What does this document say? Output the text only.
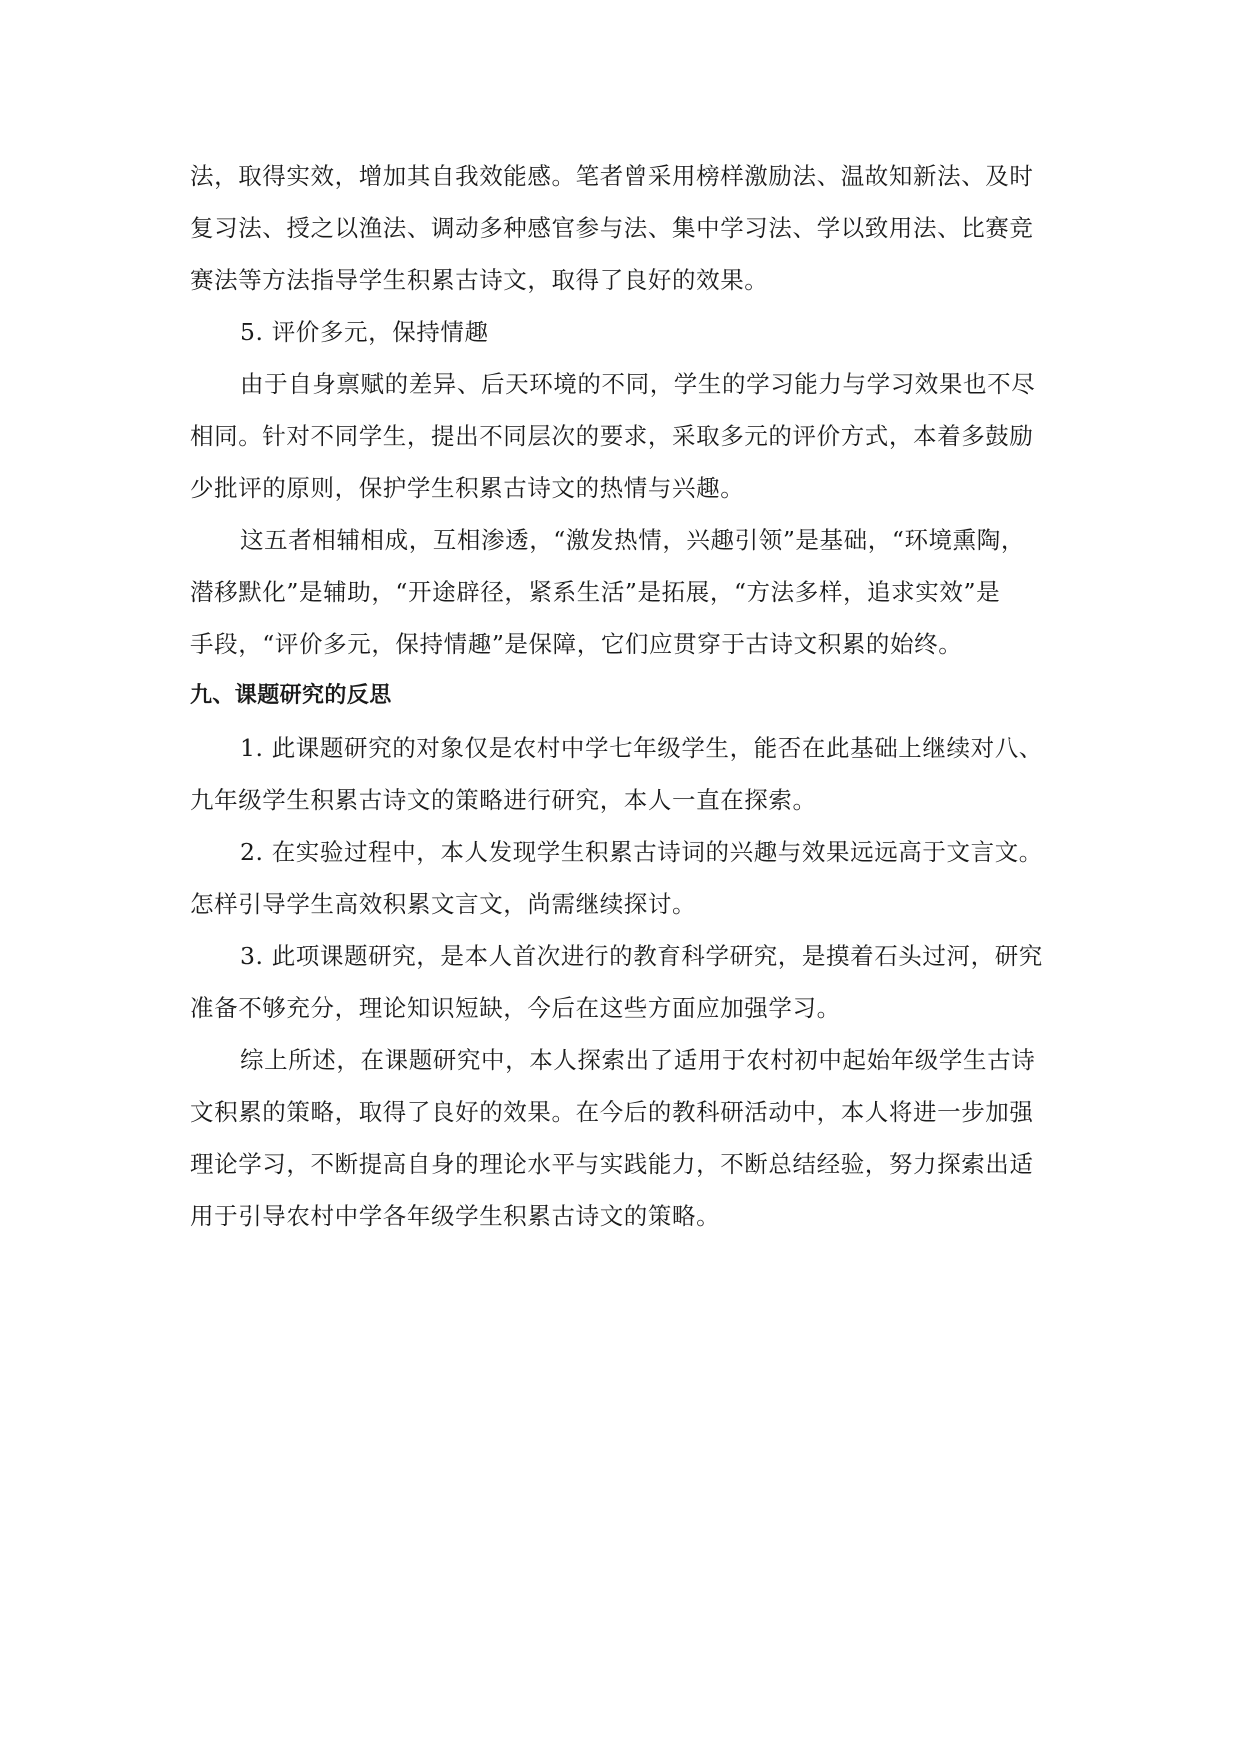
法，取得实效，增加其自我效能感。笔者曾采用榜样激励法、温故知新法、及时

复习法、授之以渔法、调动多种感官参与法、集中学习法、学以致用法、比赛竞

赛法等方法指导学生积累古诗文，取得了良好的效果。

5. 评价多元，保持情趣

由于自身禀赋的差异、后天环境的不同，学生的学习能力与学习效果也不尽

相同。针对不同学生，提出不同层次的要求，采取多元的评价方式，本着多鼓励

少批评的原则，保护学生积累古诗文的热情与兴趣。

这五者相辅相成，互相渗透，“激发热情，兴趣引领”是基础，“环境熏陶，

潜移默化”是辅助，“开途辟径，紧系生活”是拓展，“方法多样，追求实效”是

手段，“评价多元，保持情趣”是保障，它们应贯穿于古诗文积累的始终。

九、课题研究的反思

1. 此课题研究的对象仅是农村中学七年级学生，能否在此基础上继续对八、

九年级学生积累古诗文的策略进行研究，本人一直在探索。

2. 在实验过程中，本人发现学生积累古诗词的兴趣与效果远远高于文言文。

怎样引导学生高效积累文言文，尚需继续探讨。

3. 此项课题研究，是本人首次进行的教育科学研究，是摸着石头过河，研究

准备不够充分，理论知识短缺，今后在这些方面应加强学习。

综上所述，在课题研究中，本人探索出了适用于农村初中起始年级学生古诗

文积累的策略，取得了良好的效果。在今后的教科研活动中，本人将进一步加强

理论学习，不断提高自身的理论水平与实践能力，不断总结经验，努力探索出适

用于引导农村中学各年级学生积累古诗文的策略。
